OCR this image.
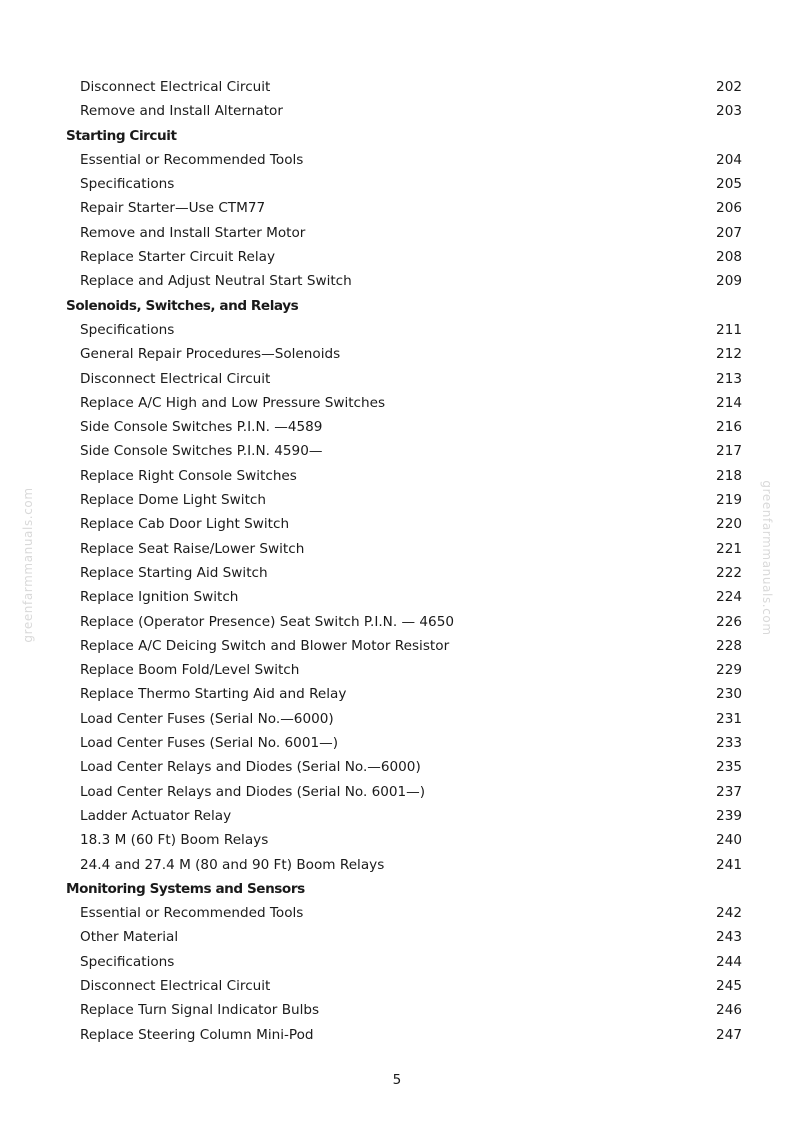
Disconnect Electrical Circuit	202
Remove and Install Alternator	203
Starting Circuit
Essential or Recommended Tools	204
Specifications	205
Repair Starter—Use CTM77	206
Remove and Install Starter Motor	207
Replace Starter Circuit Relay	208
Replace and Adjust Neutral Start Switch	209
Solenoids, Switches, and Relays
Specifications	211
General Repair Procedures—Solenoids	212
Disconnect Electrical Circuit	213
Replace A/C High and Low Pressure Switches	214
Side Console Switches P.I.N. —4589	216
Side Console Switches P.I.N. 4590—	217
Replace Right Console Switches	218
Replace Dome Light Switch	219
Replace Cab Door Light Switch	220
Replace Seat Raise/Lower Switch	221
Replace Starting Aid Switch	222
Replace Ignition Switch	224
Replace (Operator Presence) Seat Switch P.I.N. — 4650	226
Replace A/C Deicing Switch and Blower Motor Resistor	228
Replace Boom Fold/Level Switch	229
Replace Thermo Starting Aid and Relay	230
Load Center Fuses (Serial No.—6000)	231
Load Center Fuses (Serial No. 6001—)	233
Load Center Relays and Diodes (Serial No.—6000)	235
Load Center Relays and Diodes (Serial No. 6001—)	237
Ladder Actuator Relay	239
18.3 M (60 Ft) Boom Relays	240
24.4 and 27.4 M (80 and 90 Ft) Boom Relays	241
Monitoring Systems and Sensors
Essential or Recommended Tools	242
Other Material	243
Specifications	244
Disconnect Electrical Circuit	245
Replace Turn Signal Indicator Bulbs	246
Replace Steering Column Mini-Pod	247
5
greenfarmmanuals.com	greenfarmmanuals.com
